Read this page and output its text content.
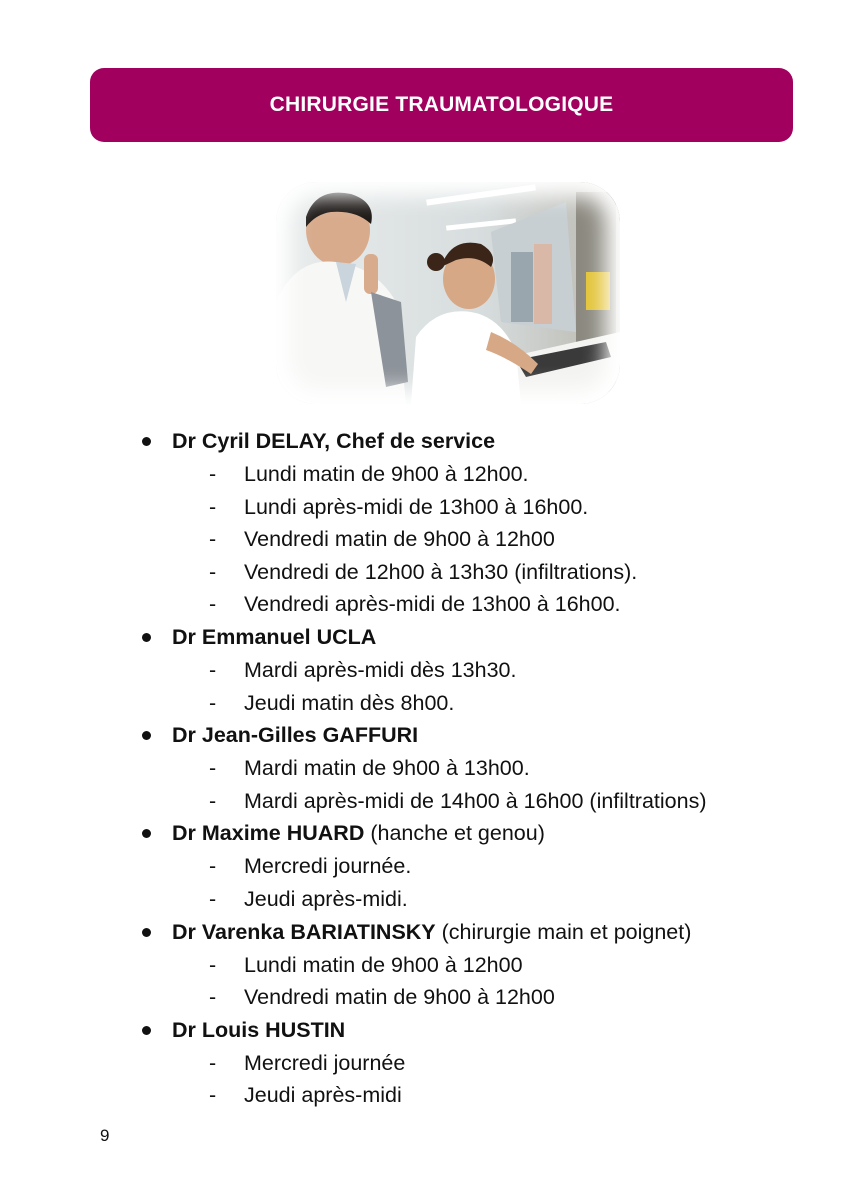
CHIRURGIE TRAUMATOLOGIQUE
Dr Cyril DELAY, Chef de service
- Lundi matin de 9h00 à 12h00.
- Lundi après-midi de 13h00 à 16h00.
- Vendredi matin de 9h00 à 12h00
- Vendredi de 12h00 à 13h30 (infiltrations).
- Vendredi après-midi de 13h00 à 16h00.
Dr Emmanuel UCLA
- Mardi après-midi dès 13h30.
- Jeudi matin dès 8h00.
Dr Jean-Gilles GAFFURI
- Mardi matin de 9h00 à 13h00.
- Mardi après-midi de 14h00 à 16h00 (infiltrations)
Dr Maxime HUARD (hanche et genou)
- Mercredi journée.
- Jeudi après-midi.
Dr Varenka BARIATINSKY (chirurgie main et poignet)
- Lundi matin de 9h00 à 12h00
- Vendredi matin de 9h00 à 12h00
Dr Louis HUSTIN
- Mercredi journée
- Jeudi après-midi
9
